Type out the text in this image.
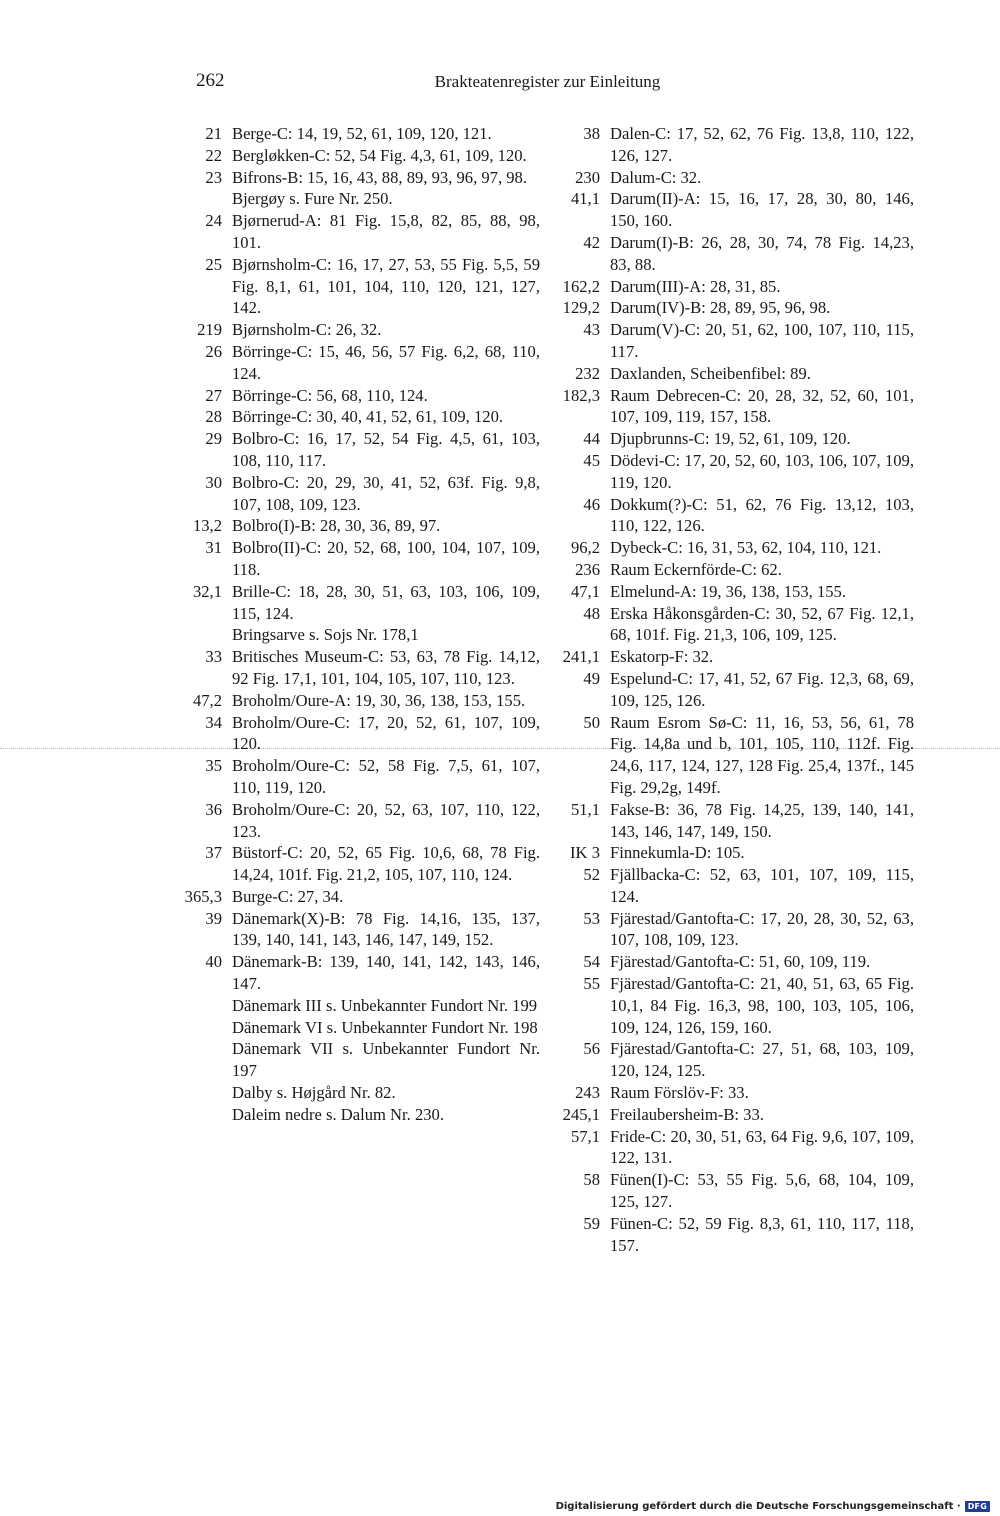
262	Brakteatenregister zur Einleitung
21 Berge-C: 14, 19, 52, 61, 109, 120, 121.
22 Bergløkken-C: 52, 54 Fig. 4,3, 61, 109, 120.
23 Bifrons-B: 15, 16, 43, 88, 89, 93, 96, 97, 98.
Bjergøy s. Fure Nr. 250.
24 Bjørnerud-A: 81 Fig. 15,8, 82, 85, 88, 98, 101.
25 Bjørnsholm-C: 16, 17, 27, 53, 55 Fig. 5,5, 59 Fig. 8,1, 61, 101, 104, 110, 120, 121, 127, 142.
219 Bjørnsholm-C: 26, 32.
26 Börringe-C: 15, 46, 56, 57 Fig. 6,2, 68, 110, 124.
27 Börringe-C: 56, 68, 110, 124.
28 Börringe-C: 30, 40, 41, 52, 61, 109, 120.
29 Bolbro-C: 16, 17, 52, 54 Fig. 4,5, 61, 103, 108, 110, 117.
30 Bolbro-C: 20, 29, 30, 41, 52, 63f. Fig. 9,8, 107, 108, 109, 123.
13,2 Bolbro(I)-B: 28, 30, 36, 89, 97.
31 Bolbro(II)-C: 20, 52, 68, 100, 104, 107, 109, 118.
32,1 Brille-C: 18, 28, 30, 51, 63, 103, 106, 109, 115, 124.
Bringsarve s. Sojs Nr. 178,1
33 Britisches Museum-C: 53, 63, 78 Fig. 14,12, 92 Fig. 17,1, 101, 104, 105, 107, 110, 123.
47,2 Broholm/Oure-A: 19, 30, 36, 138, 153, 155.
34 Broholm/Oure-C: 17, 20, 52, 61, 107, 109, 120.
35 Broholm/Oure-C: 52, 58 Fig. 7,5, 61, 107, 110, 119, 120.
36 Broholm/Oure-C: 20, 52, 63, 107, 110, 122, 123.
37 Büstorf-C: 20, 52, 65 Fig. 10,6, 68, 78 Fig. 14,24, 101f. Fig. 21,2, 105, 107, 110, 124.
365,3 Burge-C: 27, 34.
39 Dänemark(X)-B: 78 Fig. 14,16, 135, 137, 139, 140, 141, 143, 146, 147, 149, 152.
40 Dänemark-B: 139, 140, 141, 142, 143, 146, 147.
Dänemark III s. Unbekannter Fundort Nr. 199
Dänemark VI s. Unbekannter Fundort Nr. 198
Dänemark VII s. Unbekannter Fundort Nr. 197
Dalby s. Højgård Nr. 82.
Daleim nedre s. Dalum Nr. 230.
38 Dalen-C: 17, 52, 62, 76 Fig. 13,8, 110, 122, 126, 127.
230 Dalum-C: 32.
41,1 Darum(II)-A: 15, 16, 17, 28, 30, 80, 146, 150, 160.
42 Darum(I)-B: 26, 28, 30, 74, 78 Fig. 14,23, 83, 88.
162,2 Darum(III)-A: 28, 31, 85.
129,2 Darum(IV)-B: 28, 89, 95, 96, 98.
43 Darum(V)-C: 20, 51, 62, 100, 107, 110, 115, 117.
232 Daxlanden, Scheibenfibel: 89.
182,3 Raum Debrecen-C: 20, 28, 32, 52, 60, 101, 107, 109, 119, 157, 158.
44 Djupbrunns-C: 19, 52, 61, 109, 120.
45 Dödevi-C: 17, 20, 52, 60, 103, 106, 107, 109, 119, 120.
46 Dokkum(?)-C: 51, 62, 76 Fig. 13,12, 103, 110, 122, 126.
96,2 Dybeck-C: 16, 31, 53, 62, 104, 110, 121.
236 Raum Eckernförde-C: 62.
47,1 Elmelund-A: 19, 36, 138, 153, 155.
48 Erska Håkonsgården-C: 30, 52, 67 Fig. 12,1, 68, 101f. Fig. 21,3, 106, 109, 125.
241,1 Eskatorp-F: 32.
49 Espelund-C: 17, 41, 52, 67 Fig. 12,3, 68, 69, 109, 125, 126.
50 Raum Esrom Sø-C: 11, 16, 53, 56, 61, 78 Fig. 14,8a und b, 101, 105, 110, 112f. Fig. 24,6, 117, 124, 127, 128 Fig. 25,4, 137f., 145 Fig. 29,2g, 149f.
51,1 Fakse-B: 36, 78 Fig. 14,25, 139, 140, 141, 143, 146, 147, 149, 150.
IK 3 Finnekumla-D: 105.
52 Fjällbacka-C: 52, 63, 101, 107, 109, 115, 124.
53 Fjärestad/Gantofta-C: 17, 20, 28, 30, 52, 63, 107, 108, 109, 123.
54 Fjärestad/Gantofta-C: 51, 60, 109, 119.
55 Fjärestad/Gantofta-C: 21, 40, 51, 63, 65 Fig. 10,1, 84 Fig. 16,3, 98, 100, 103, 105, 106, 109, 124, 126, 159, 160.
56 Fjärestad/Gantofta-C: 27, 51, 68, 103, 109, 120, 124, 125.
243 Raum Förslöv-F: 33.
245,1 Freilaubersheim-B: 33.
57,1 Fride-C: 20, 30, 51, 63, 64 Fig. 9,6, 107, 109, 122, 131.
58 Fünen(I)-C: 53, 55 Fig. 5,6, 68, 104, 109, 125, 127.
59 Fünen-C: 52, 59 Fig. 8,3, 61, 110, 117, 118, 157.
Digitalisierung gefördert durch die Deutsche Forschungsgemeinschaft · DFG
